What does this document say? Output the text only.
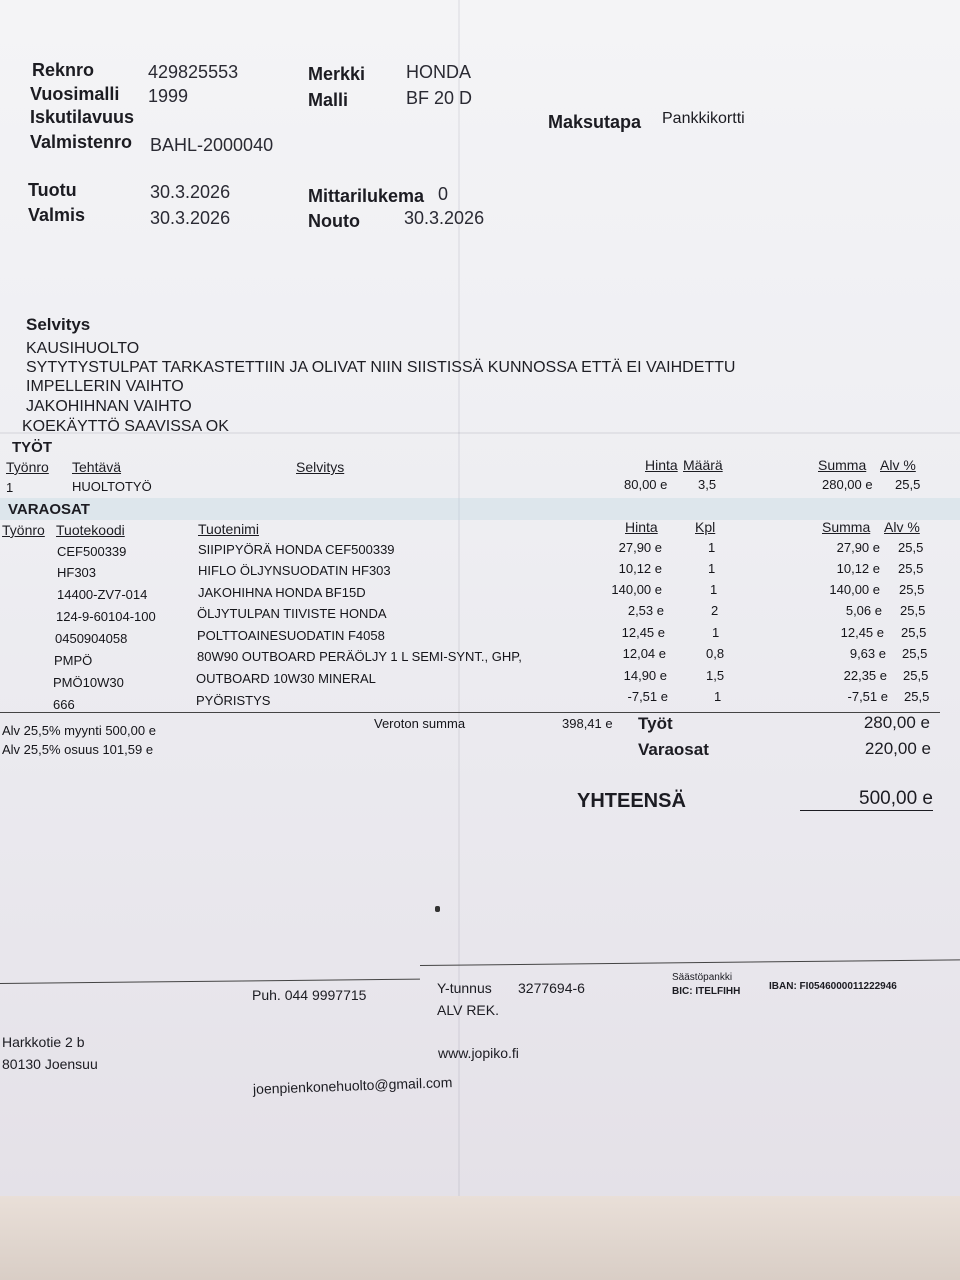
Reknro	429825553
Vuosimalli 1999
Iskutilavuus
Valmistenro BAHL-2000040
Merkki HONDA
Malli	BF 20 D
Maksutapa Pankkikortti
Tuotu	30.3.2026
Valmis	30.3.2026
Mittarilukema 0
Nouto 30.3.2026
Selvitys
KAUSIHUOLTO
SYTYTYSTULPAT TARKASTETTIIN JA OLIVAT NIIN SIISTISSÄ KUNNOSSA ETTÄ EI VAIHDETTU
IMPELLERIN VAIHTO
JAKOHIHNAN VAIHTO
KOEKÄYTTÖ SAAVISSA OK
TYÖT
Työnro Tehtävä	Selvitys	Hinta Määrä	Summa Alv %
1	HUOLTOTYÖ	80,00 e 3,5	280,00 e 25,5
VARAOSAT
Työnro Tuotekoodi	Tuotenimi	Hinta	Kpl	Summa Alv %
CEF500339	SIIPIPYÖRÄ HONDA CEF500339	27,90 e	1	27,90 e 25,5
HF303	HIFLO ÖLJYNSUODATIN HF303	10,12 e	1	10,12 e 25,5
14400-ZV7-014	JAKOHIHNA HONDA BF15D	140,00 e	1	140,00 e 25,5
124-9-60104-100	ÖLJYTULPAN TIIVISTE HONDA	2,53 e	2	5,06 e 25,5
0450904058	POLTTOAINESUODATIN F4058	12,45 e	1	12,45 e 25,5
PMPÖ	80W90 OUTBOARD PERÄÖLJY 1 L SEMI-SYNT., GHP,	12,04 e	0,8	9,63 e 25,5
PMÖ10W30	OUTBOARD 10W30 MINERAL	14,90 e	1,5	22,35 e 25,5
666	PYÖRISTYS	-7,51 e	1	-7,51 e 25,5
Alv 25,5% myynti 500,00 e
Alv 25,5% osuus 101,59 e
Veroton summa	398,41 e Työt	280,00 e
Varaosat	220,00 e
YHTEENSÄ	500,00 e
Puh. 044 9997715	Y-tunnus 3277694-6
ALV REK.
Säästöpankki
BIC: ITELFIHH	IBAN: FI0546000011222946
Harkkotie 2 b
80130 Joensuu
www.jopiko.fi
joenpienkonehuolto@gmail.com
